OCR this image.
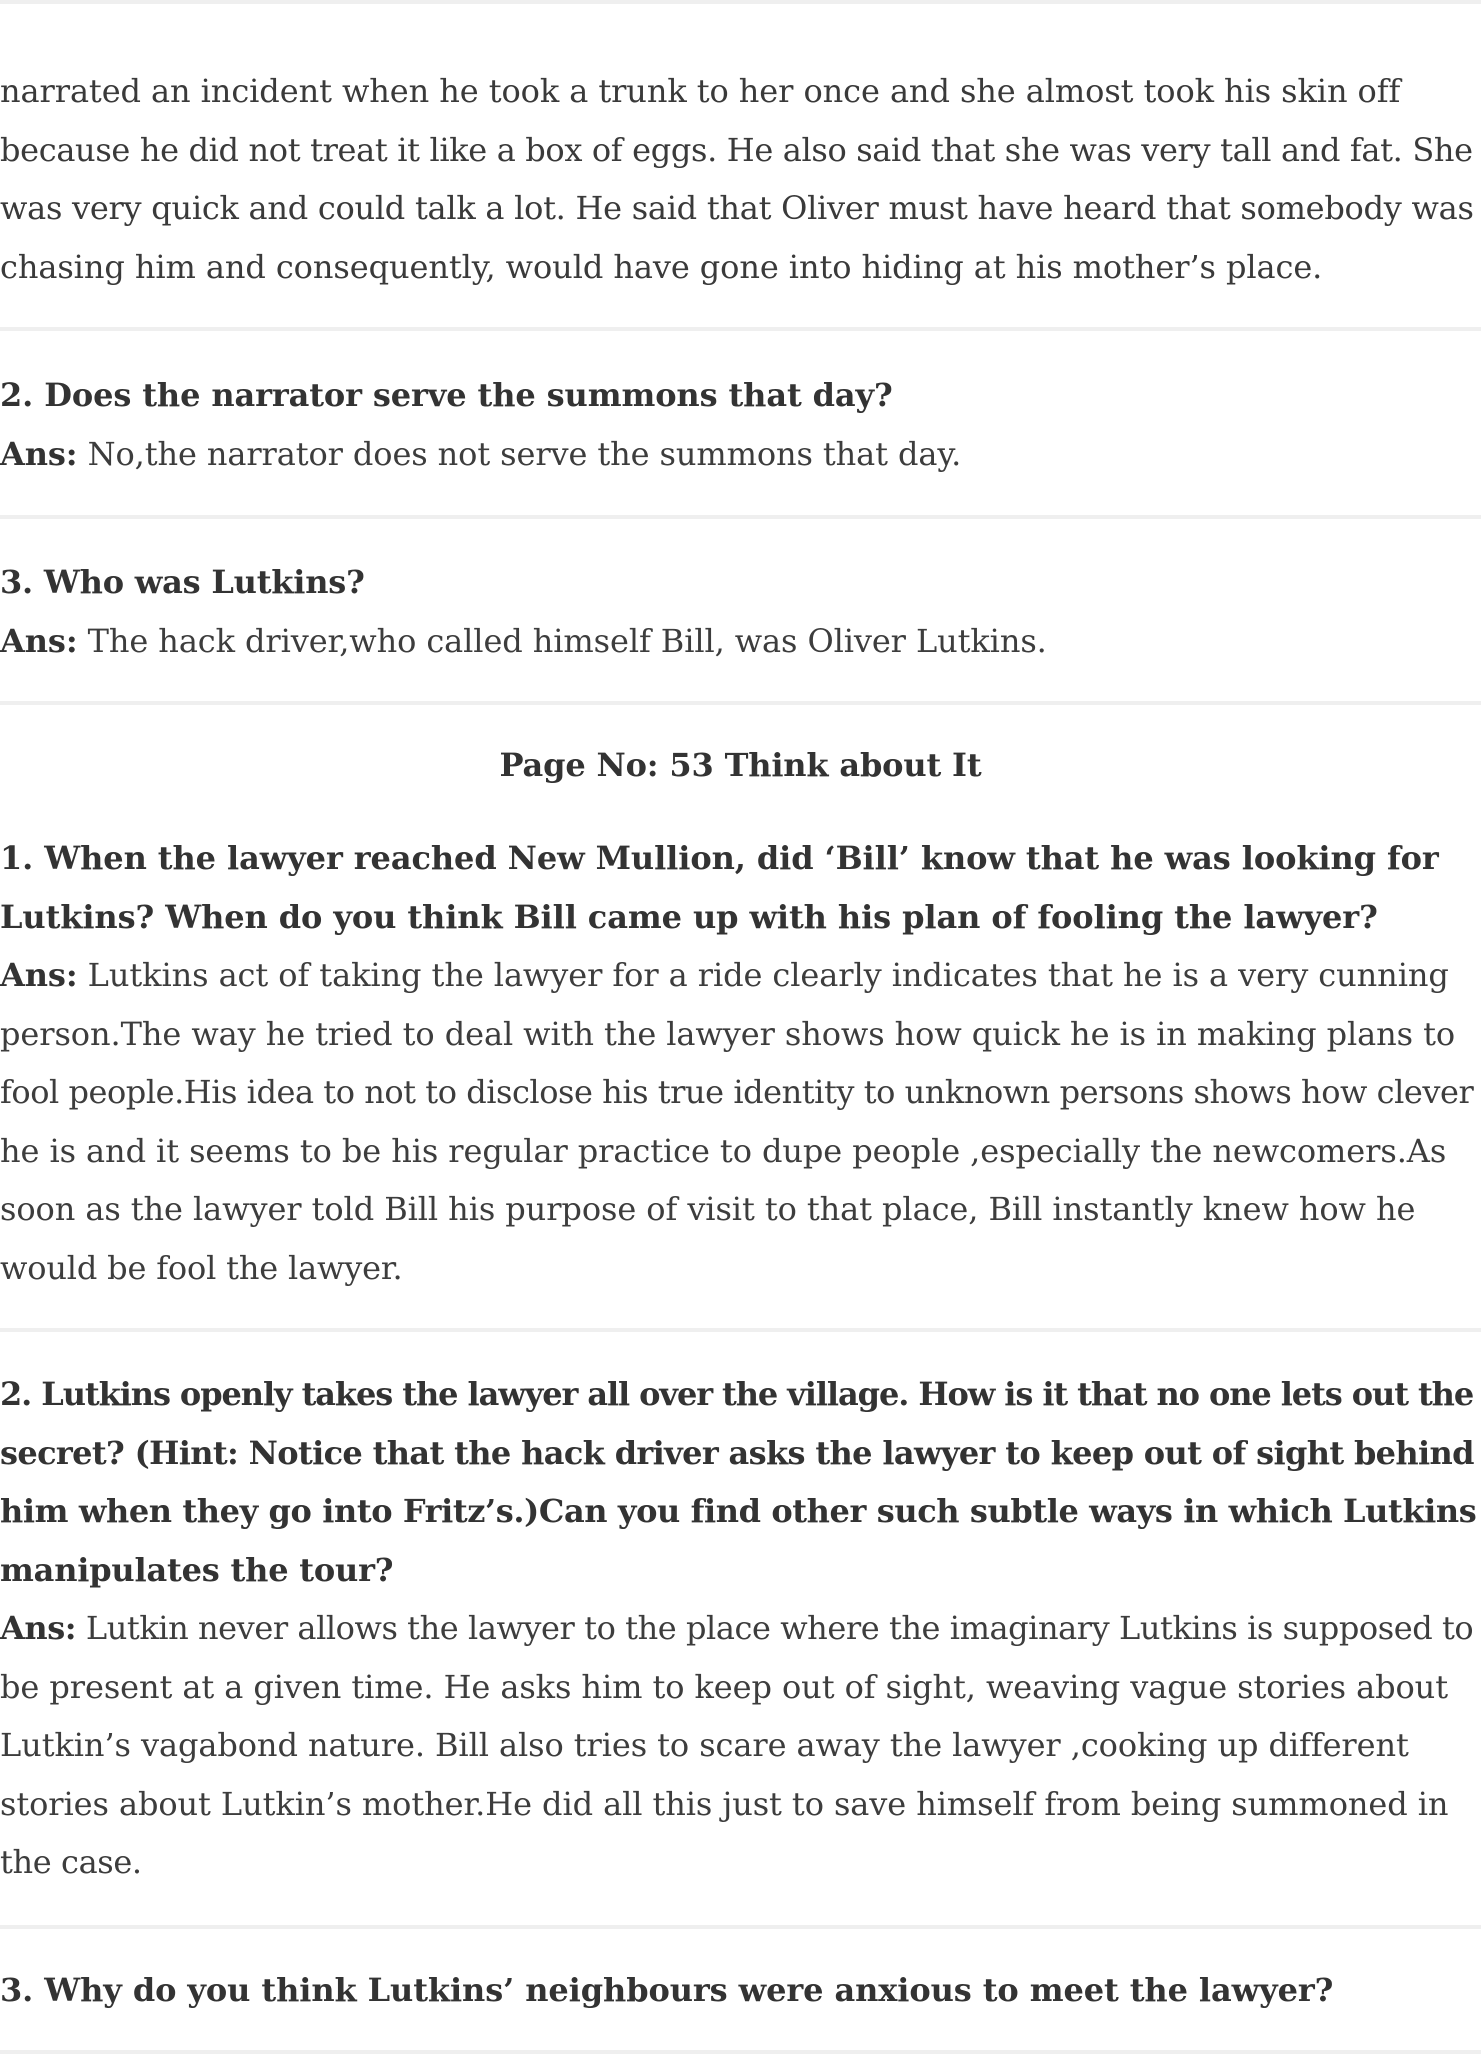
narrated an incident when he took a trunk to her once and she almost took his skin off
because he did not treat it like a box of eggs. He also said that she was very tall and fat. She
was very quick and could talk a lot. He said that Oliver must have heard that somebody was
chasing him and consequently, would have gone into hiding at his mother’s place.
2. Does the narrator serve the summons that day?
Ans: No,the narrator does not serve the summons that day.
3. Who was Lutkins?
Ans: The hack driver,who called himself Bill, was Oliver Lutkins.
Page No: 53 Think about It
1. When the lawyer reached New Mullion, did ‘Bill’ know that he was looking for
Lutkins? When do you think Bill came up with his plan of fooling the lawyer?
Ans: Lutkins act of taking the lawyer for a ride clearly indicates that he is a very cunning
person.The way he tried to deal with the lawyer shows how quick he is in making plans to
fool people.His idea to not to disclose his true identity to unknown persons shows how clever
he is and it seems to be his regular practice to dupe people ,especially the newcomers.As
soon as the lawyer told Bill his purpose of visit to that place, Bill instantly knew how he
would be fool the lawyer.
2. Lutkins openly takes the lawyer all over the village. How is it that no one lets out the
secret? (Hint: Notice that the hack driver asks the lawyer to keep out of sight behind
him when they go into Fritz’s.)Can you find other such subtle ways in which Lutkins
manipulates the tour?
Ans: Lutkin never allows the lawyer to the place where the imaginary Lutkins is supposed to
be present at a given time. He asks him to keep out of sight, weaving vague stories about
Lutkin’s vagabond nature. Bill also tries to scare away the lawyer ,cooking up different
stories about Lutkin’s mother.He did all this just to save himself from being summoned in
the case.
3. Why do you think Lutkins’ neighbours were anxious to meet the lawyer?
